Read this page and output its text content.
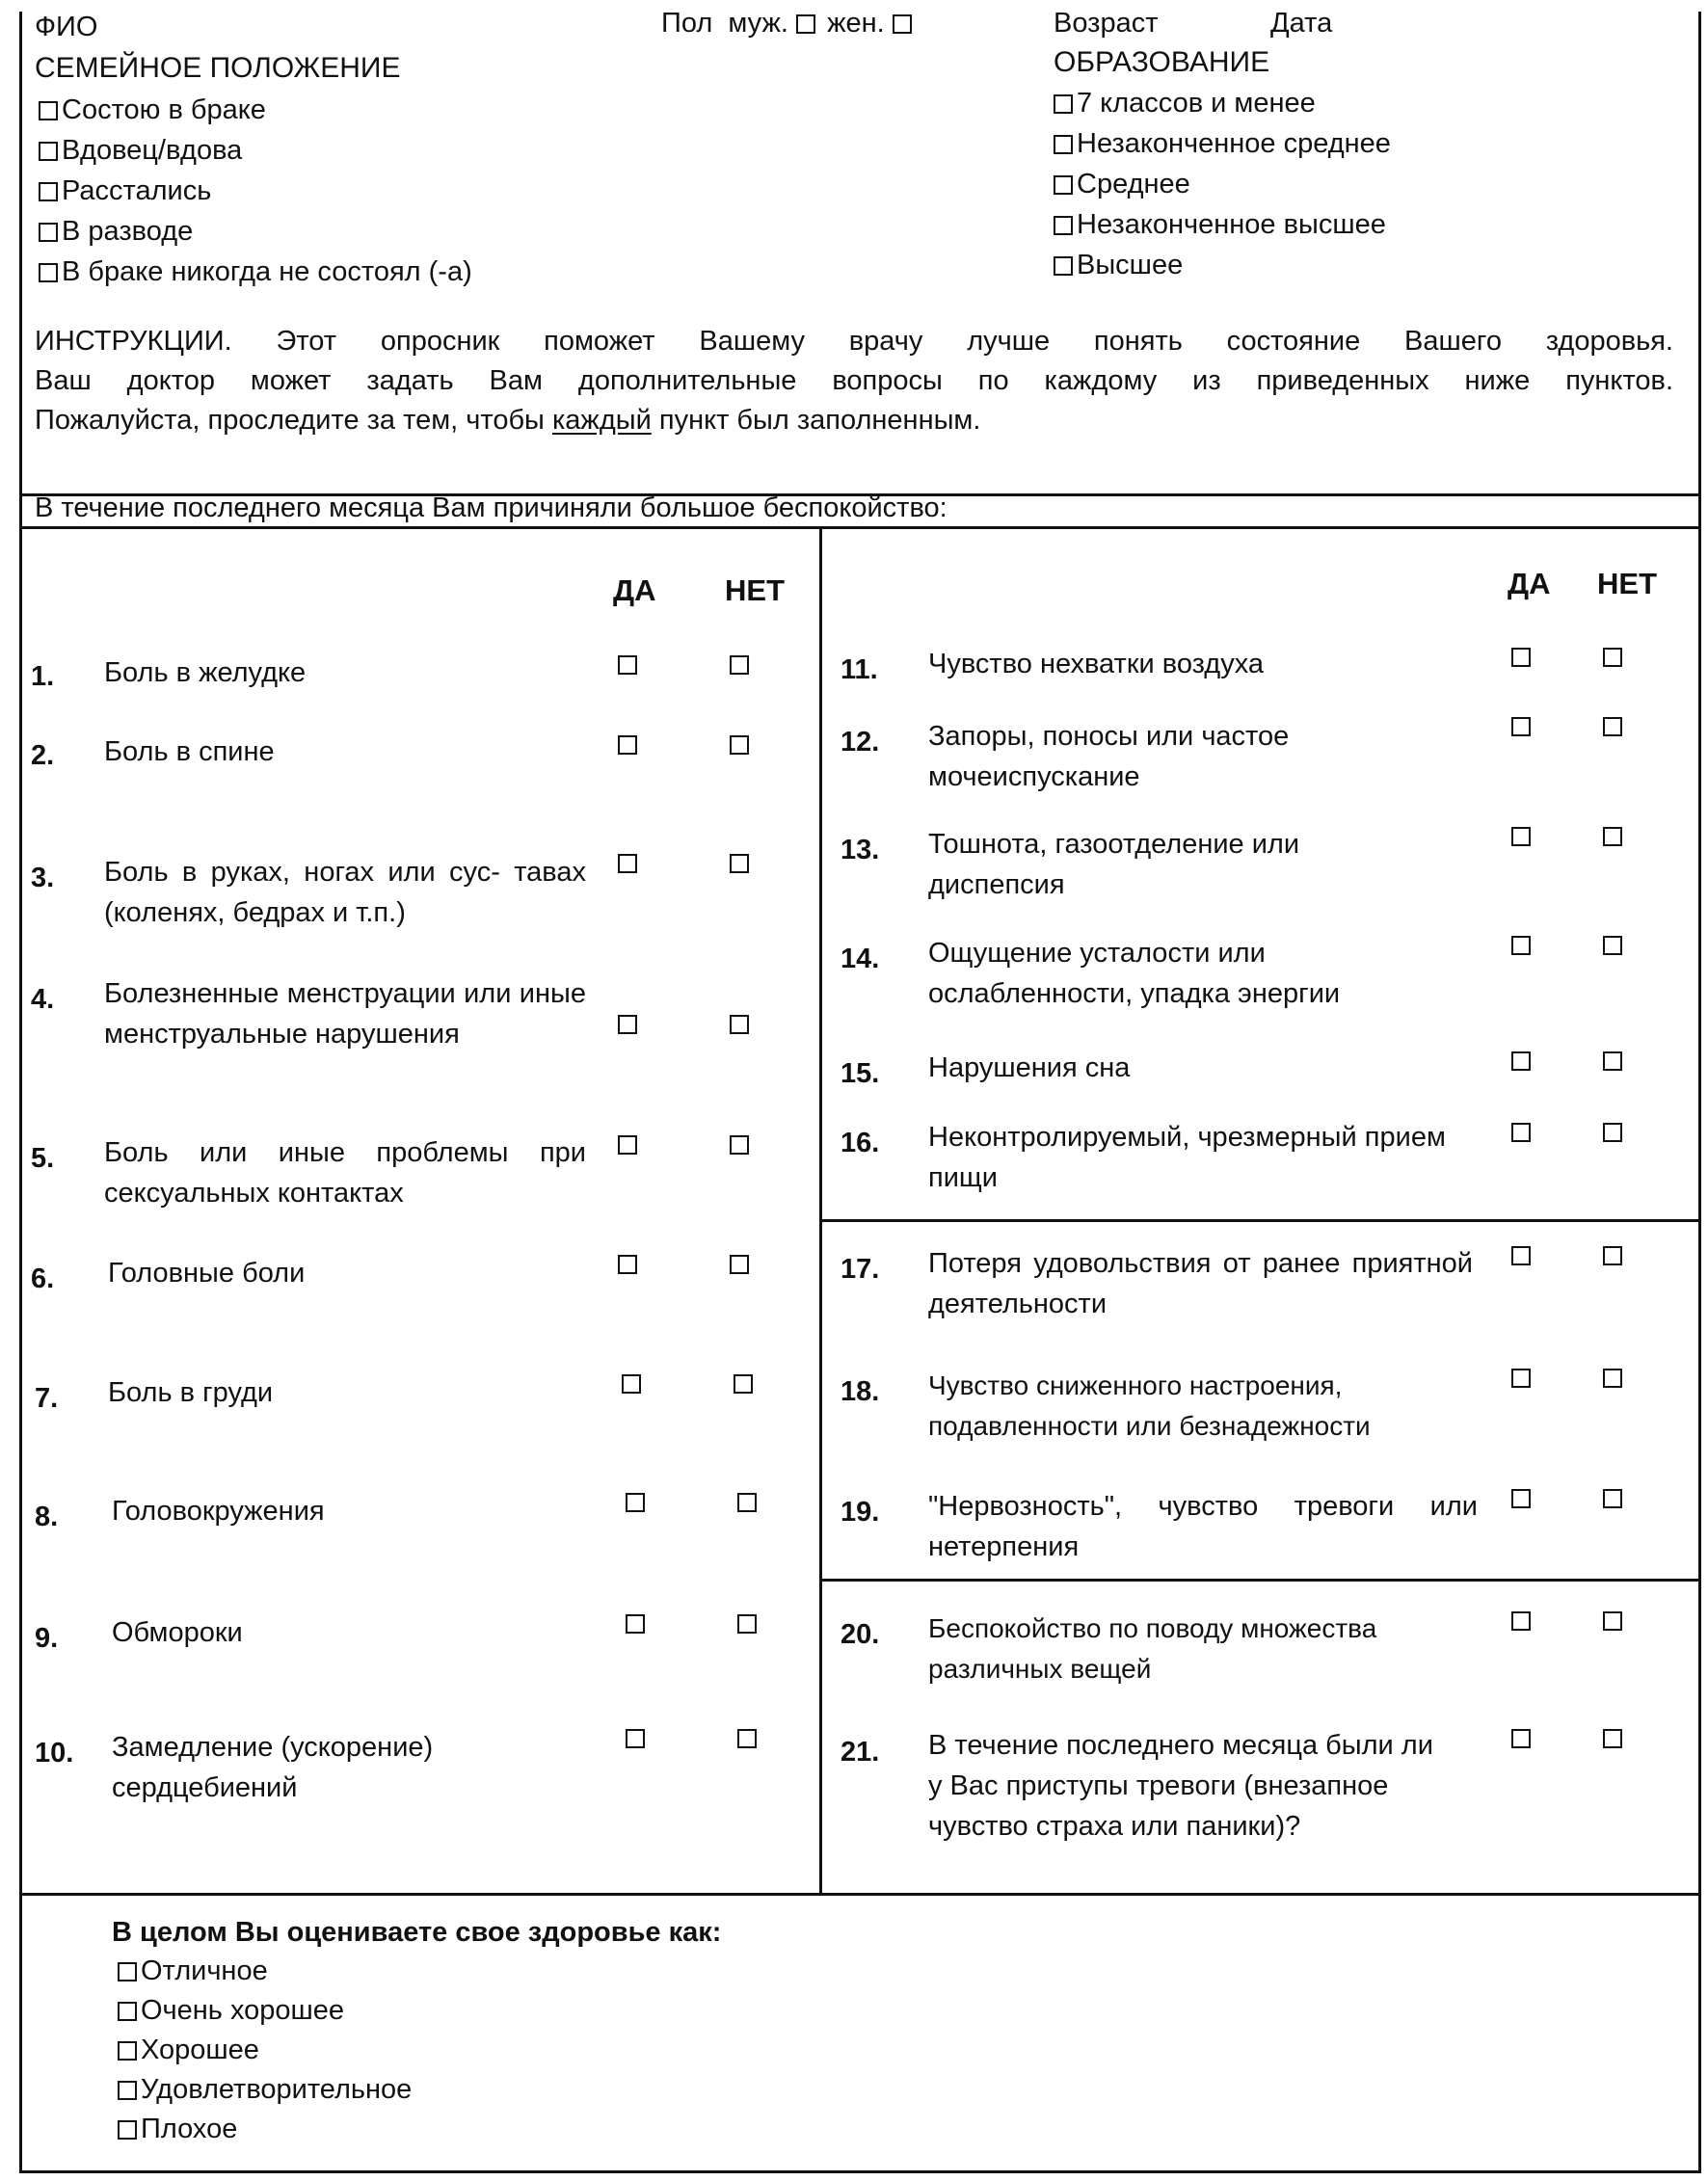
ФИО	Пол муж. жен.	Возраст	Дата
СЕМЕЙНОЕ ПОЛОЖЕНИЕ
Состою в браке
Вдовец/вдова
Расстались
В разводе
В браке никогда не состоял (-а)
ОБРАЗОВАНИЕ
7 классов и менее
Незаконченное среднее
Среднее
Незаконченное высшее
Высшее
ИНСТРУКЦИИ. Этот опросник поможет Вашему врачу лучше понять состояние Вашего здоровья.
Ваш доктор может задать Вам дополнительные вопросы по каждому из приведенных ниже пунктов.
Пожалуйста, проследите за тем, чтобы каждый пункт был заполненным.
В течение последнего месяца Вам причиняли большое беспокойство:
ДА НЕТ	ДА НЕТ
1. Боль в желудке
2. Боль в спине
3. Боль в руках, ногах или сус- тавах (коленях, бедрах и т.п.)
4. Болезненные менструации или иные менструальные нарушения
5. Боль или иные проблемы при сексуальных контактах
6. Головные боли
7. Боль в груди
8. Головокружения
9. Обмороки
10. Замедление (ускорение) сердцебиений
11. Чувство нехватки воздуха
12. Запоры, поносы или частое мочеиспускание
13. Тошнота, газоотделение или диспепсия
14. Ощущение усталости или ослабленности, упадка энергии
15. Нарушения сна
16. Неконтролируемый, чрезмерный прием пищи
17. Потеря удовольствия от ранее приятной деятельности
18. Чувство сниженного настроения, подавленности или безнадежности
19. "Нервозность", чувство тревоги или нетерпения
20. Беспокойство по поводу множества различных вещей
21. В течение последнего месяца были ли у Вас приступы тревоги (внезапное чувство страха или паники)?
В целом Вы оцениваете свое здоровье как:
Отличное
Очень хорошее
Хорошее
Удовлетворительное
Плохое
